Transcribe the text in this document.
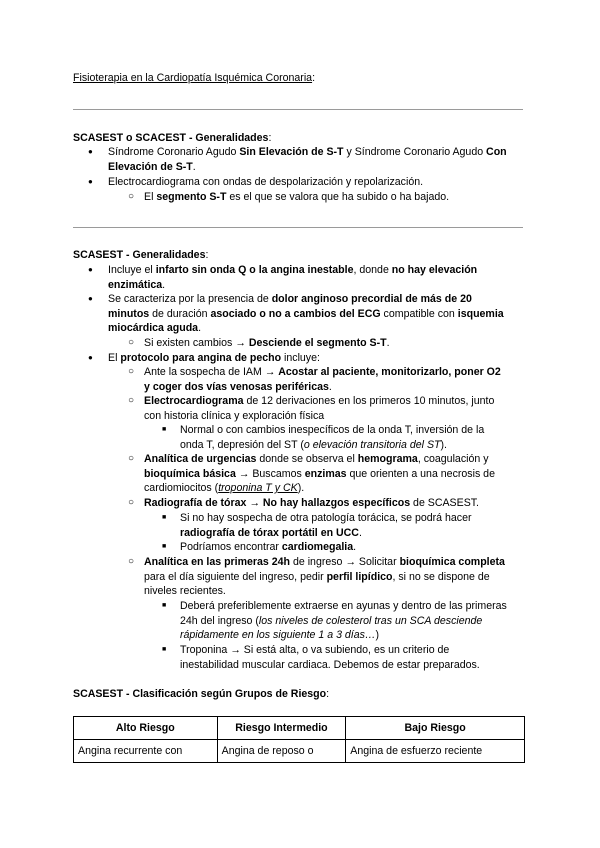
Fisioterapia en la Cardiopatía Isquémica Coronaria:
SCASEST o SCACEST - Generalidades:
●	Síndrome Coronario Agudo Sin Elevación de S-T y Síndrome Coronario Agudo Con
Elevación de S-T.
●	Electrocardiograma con ondas de despolarización y repolarización.
○ El segmento S-T es el que se valora que ha subido o ha bajado.
SCASEST - Generalidades:
●	Incluye el infarto sin onda Q o la angina inestable, donde no hay elevación
enzimática.
●	Se caracteriza por la presencia de dolor anginoso precordial de más de 20
minutos de duración asociado o no a cambios del ECG compatible con isquemia
miocárdica aguda.
○ Si existen cambios → Desciende el segmento S-T.
●	El protocolo para angina de pecho incluye:
○ Ante la sospecha de IAM → Acostar al paciente, monitorizarlo, poner O2
y coger dos vías venosas periféricas.
○ Electrocardiograma de 12 derivaciones en los primeros 10 minutos, junto
con historia clínica y exploración física
■	Normal o con cambios inespecíficos de la onda T, inversión de la
onda T, depresión del ST (o elevación transitoria del ST).
○ Analítica de urgencias donde se observa el hemograma, coagulación y
bioquímica básica → Buscamos enzimas que orienten a una necrosis de
cardiomiocitos (troponina T y CK).
○ Radiografía de tórax → No hay hallazgos específicos de SCASEST.
■	Si no hay sospecha de otra patología torácica, se podrá hacer
radiografía de tórax portátil en UCC.
■	Podríamos encontrar cardiomegalia.
○ Analítica en las primeras 24h de ingreso → Solicitar bioquímica completa
para el día siguiente del ingreso, pedir perfil lipídico, si no se dispone de
niveles recientes.
■	Deberá preferiblemente extraerse en ayunas y dentro de las primeras
24h del ingreso (los niveles de colesterol tras un SCA desciende
rápidamente en los siguiente 1 a 3 días…)
■	Troponina → Si está alta, o va subiendo, es un criterio de
inestabilidad muscular cardiaca. Debemos de estar preparados.
SCASEST - Clasificación según Grupos de Riesgo:
Alto Riesgo	Riesgo Intermedio	Bajo Riesgo
Angina recurrente con	Angina de reposo o	Angina de esfuerzo reciente
